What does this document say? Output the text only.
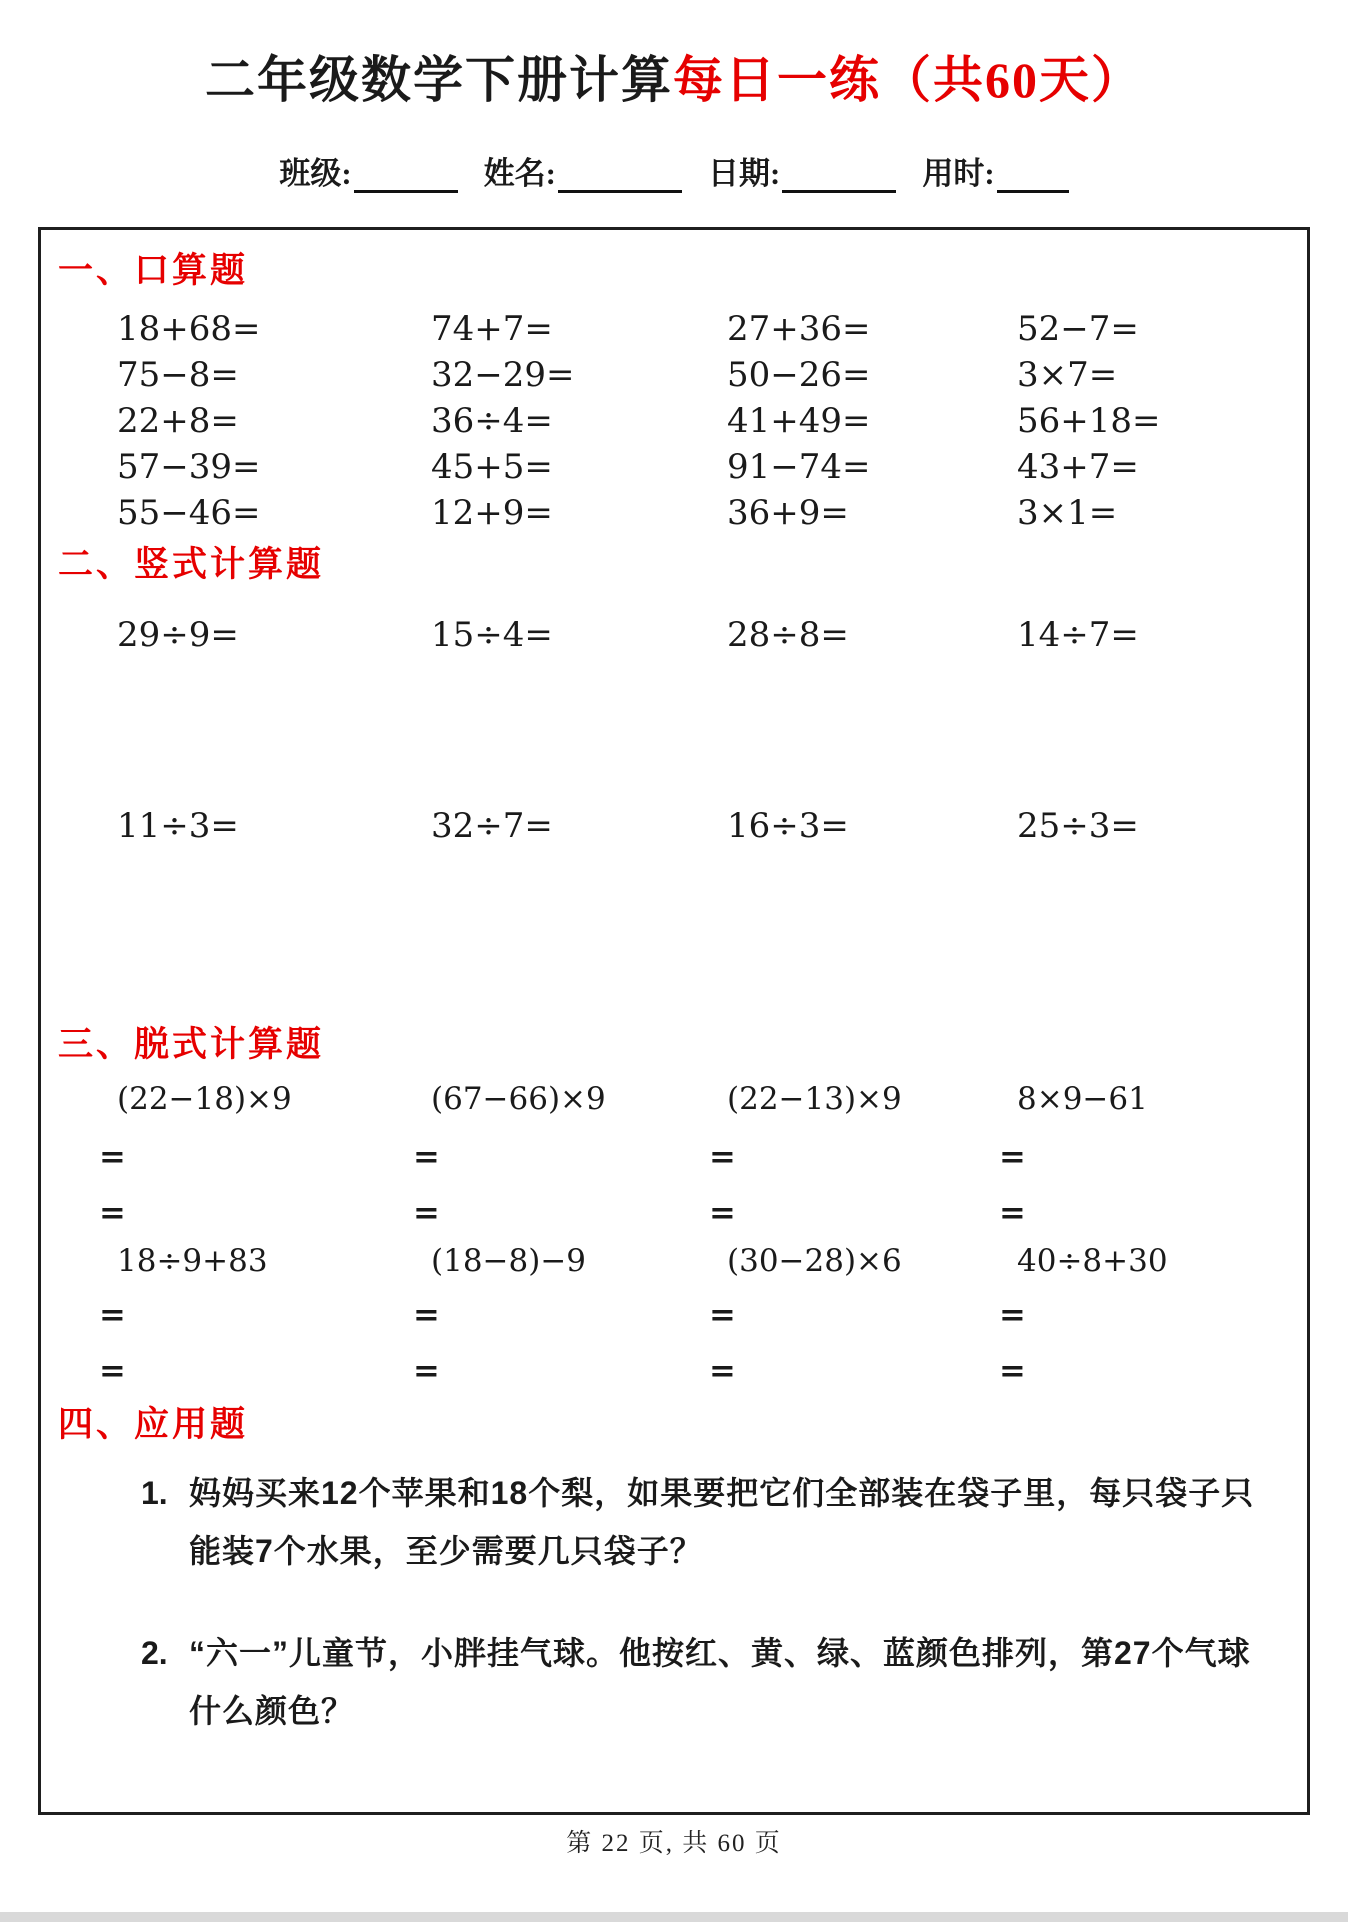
二年级数学下册计算每日一练（共60天）
班级:	姓名:	日期:	用时:
一、口算题
18+68=	74+7=	27+36=	52−7=
75−8=	32−29=	50−26=	3×7=
22+8=	36÷4=	41+49=	56+18=
57−39=	45+5=	91−74=	43+7=
55−46=	12+9=	36+9=	3×1=
二、竖式计算题
29÷9=	15÷4=	28÷8=	14÷7=
11÷3=	32÷7=	16÷3=	25÷3=
三、脱式计算题
(22−18)×9	(67−66)×9	(22−13)×9	8×9−61
=	=	=	=
=	=	=	=
18÷9+83	(18−8)−9	(30−28)×6	40÷8+30
=	=	=	=
=	=	=	=
四、应用题
1. 妈妈买来12个苹果和18个梨，如果要把它们全部装在袋子里，每只袋子只能装7个水果，至少需要几只袋子？
2. “六一”儿童节，小胖挂气球。他按红、黄、绿、蓝颜色排列，第27个气球什么颜色？
第 22 页, 共 60 页
